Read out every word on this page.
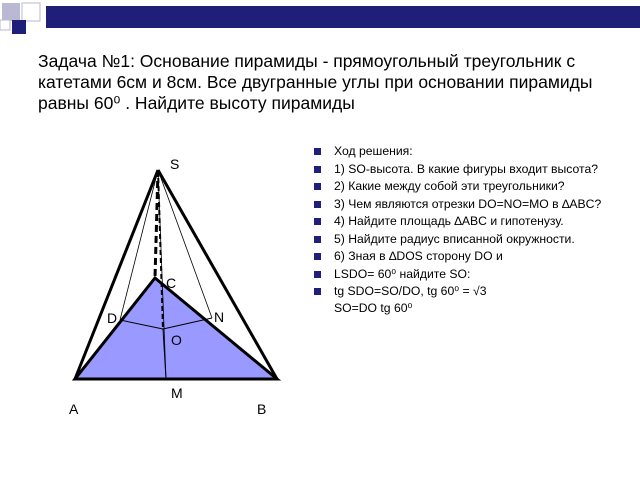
Задача №1: Основание пирамиды - прямоугольный треугольник с катетами 6см и 8см. Все двугранные углы при основании пирамиды равны 60⁰ . Найдите высоту пирамиды
S
C
D	N
O
M
A	B
Ход решения:
1) SO-высота. В какие фигуры входит высота?
2) Какие между собой эти треугольники?
3) Чем являются отрезки DO=NO=MO в ∆ABC?
4) Найдите площадь ∆ABC и гипотенузу.
5) Найдите радиус вписанной окружности.
6) Зная в ∆DOS сторону DO и
LSDO= 60⁰ найдите SO:
tg SDO=SO/DO, tg 60⁰ = √3
SO=DO tg 60⁰
